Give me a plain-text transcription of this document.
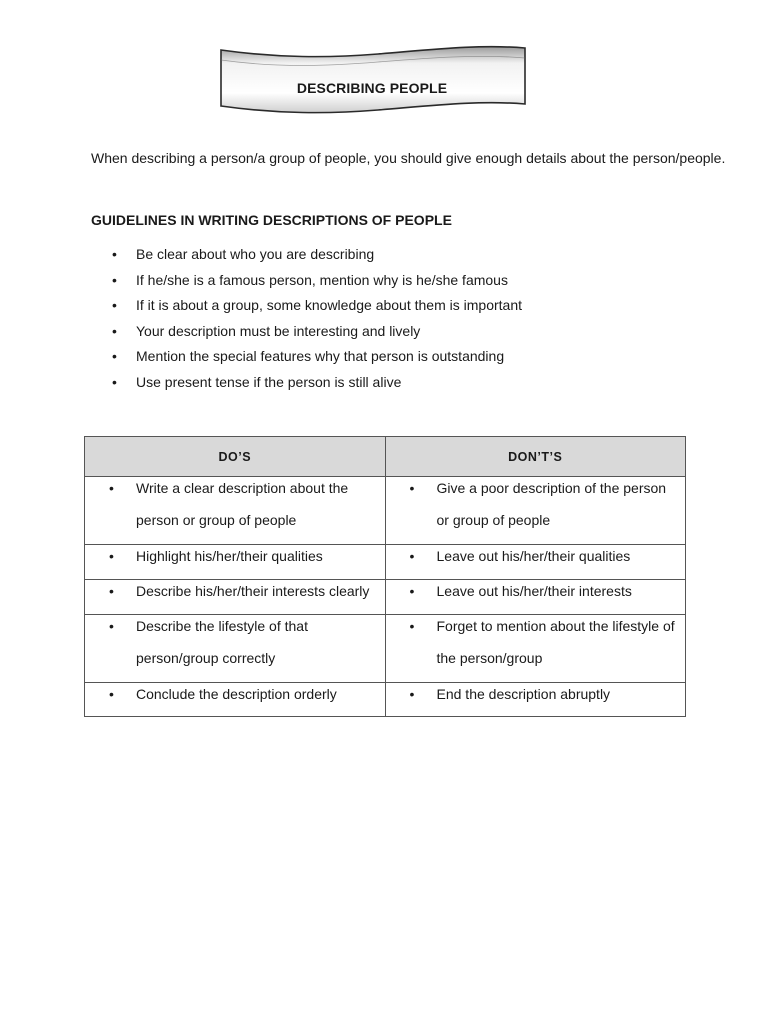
DESCRIBING PEOPLE
When describing a person/a group of people, you should give enough details about the person/people.
GUIDELINES IN WRITING DESCRIPTIONS OF PEOPLE
• Be clear about who you are describing
• If he/she is a famous person, mention why is he/she famous
• If it is about a group, some knowledge about them is important
• Your description must be interesting and lively
• Mention the special features why that person is outstanding
• Use present tense if the person is still alive
DO’S	DON’T’S

• Write a clear description about the person or group of people	• Give a poor description of the person or group of people

• Highlight his/her/their qualities	• Leave out his/her/their qualities

• Describe his/her/their interests clearly	• Leave out his/her/their interests

• Describe the lifestyle of that person/group correctly	• Forget to mention about the lifestyle of the person/group

• Conclude the description orderly	• End the description abruptly
